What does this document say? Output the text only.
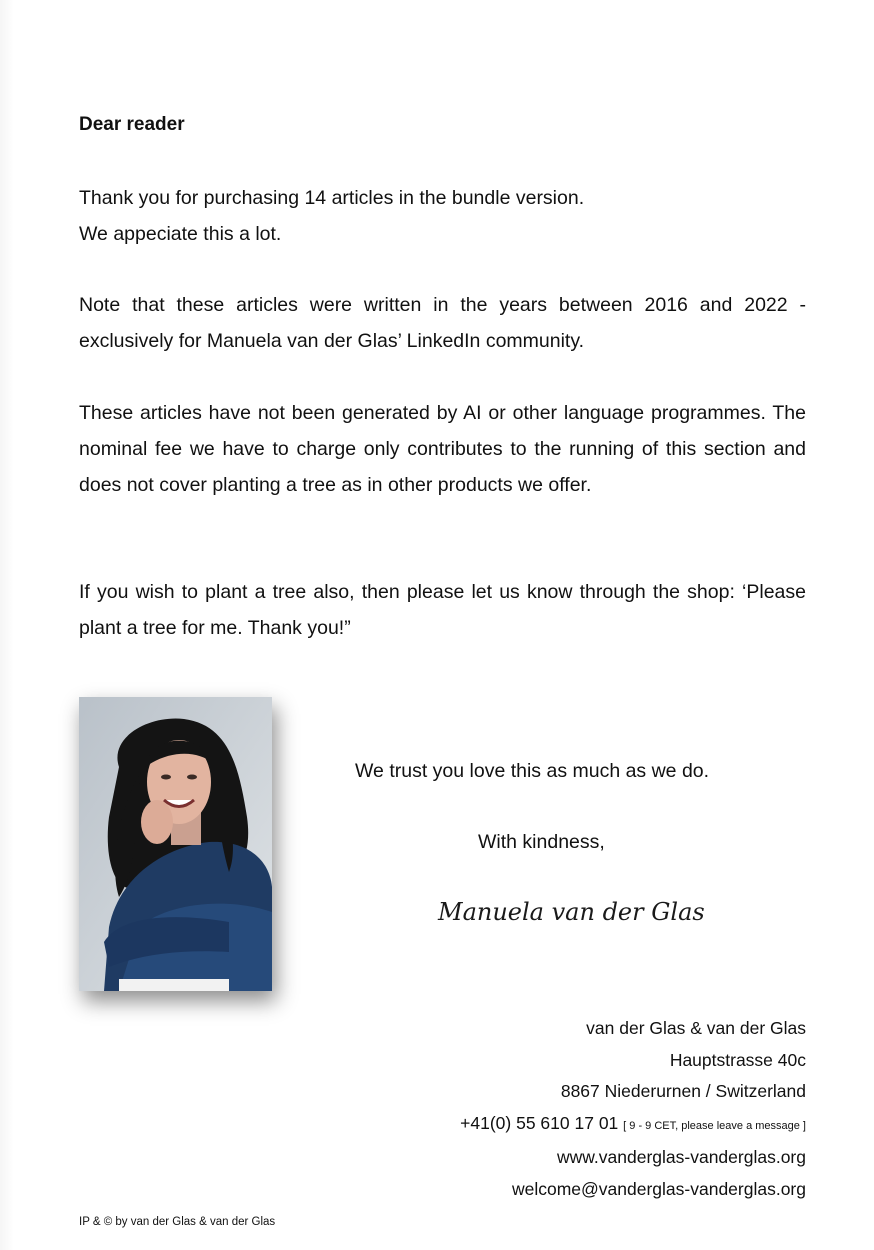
Dear reader

Thank you for purchasing 14 articles in the bundle version.
We appeciate this a lot.

Note that these articles were written in the years between 2016 and 2022 - exclusively for Manuela van der Glas’ LinkedIn community.

These articles have not been generated by AI or other language programmes. The nominal fee we have to charge only contributes to the running of this section and does not cover planting a tree as in other products we offer.

If you wish to plant a tree also, then please let us know through the shop: ‘Please plant a tree for me. Thank you!”

We trust you love this as much as we do.

With kindness,

Manuela van der Glas

van der Glas & van der Glas
Hauptstrasse 40c
8867 Niederurnen / Switzerland
+41(0) 55 610 17 01 [ 9 - 9 CET, please leave a message ]
www.vanderglas-vanderglas.org
welcome@vanderglas-vanderglas.org

IP & © by van der Glas & van der Glas
